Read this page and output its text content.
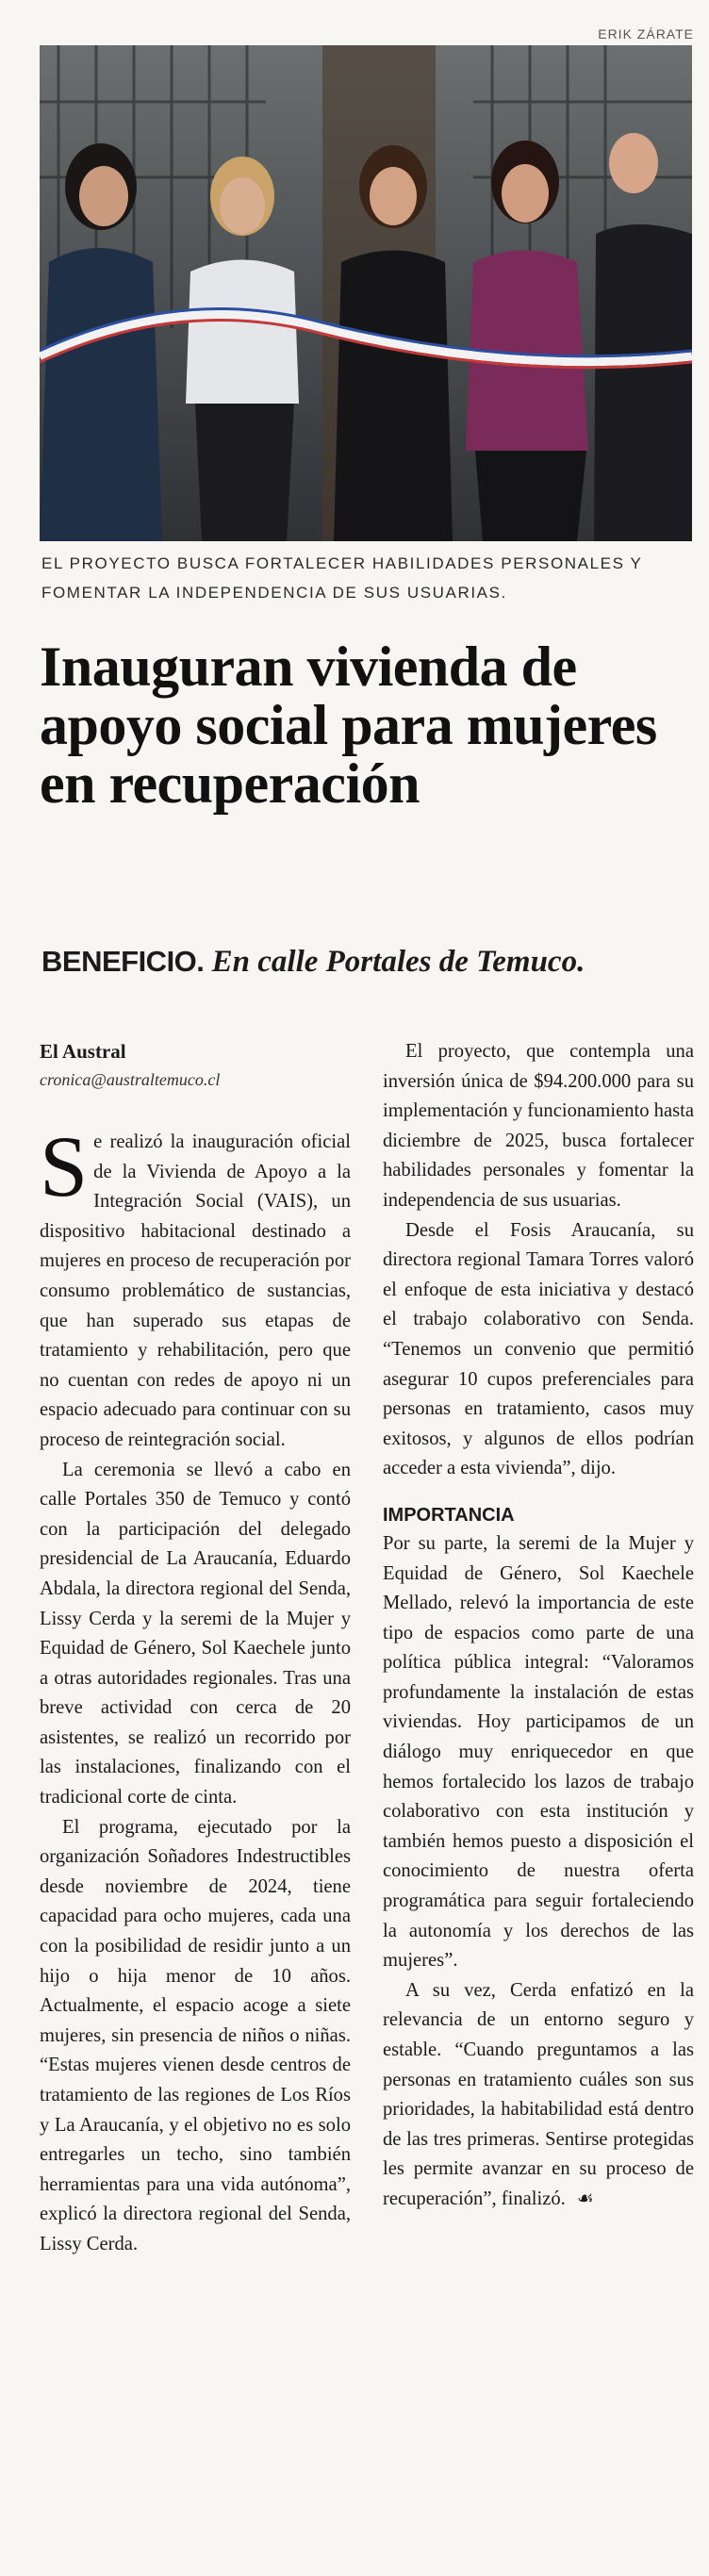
ERIK ZÁRATE
EL PROYECTO BUSCA FORTALECER HABILIDADES PERSONALES Y FOMENTAR LA INDEPENDENCIA DE SUS USUARIAS.
Inauguran vivienda de apoyo social para mujeres en recuperación
BENEFICIO. En calle Portales de Temuco.
El Austral
cronica@australtemuco.cl

Se realizó la inauguración oficial de la Vivienda de Apoyo a la Integración Social (VAIS), un dispositivo habitacional destinado a mujeres en proceso de recuperación por consumo problemático de sustancias, que han superado sus etapas de tratamiento y rehabilitación, pero que no cuentan con redes de apoyo ni un espacio adecuado para continuar con su proceso de reintegración social.

La ceremonia se llevó a cabo en calle Portales 350 de Temuco y contó con la participación del delegado presidencial de La Araucanía, Eduardo Abdala, la directora regional del Senda, Lissy Cerda y la seremi de la Mujer y Equidad de Género, Sol Kaechele junto a otras autoridades regionales. Tras una breve actividad con cerca de 20 asistentes, se realizó un recorrido por las instalaciones, finalizando con el tradicional corte de cinta.

El programa, ejecutado por la organización Soñadores Indestructibles desde noviembre de 2024, tiene capacidad para ocho mujeres, cada una con la posibilidad de residir junto a un hijo o hija menor de 10 años. Actualmente, el espacio acoge a siete mujeres, sin presencia de niños o niñas. “Estas mujeres vienen desde centros de tratamiento de las regiones de Los Ríos y La Araucanía, y el objetivo no es solo entregarles un techo, sino también herramientas para una vida autónoma”, explicó la directora regional del Senda, Lissy Cerda.

El proyecto, que contempla una inversión única de $94.200.000 para su implementación y funcionamiento hasta diciembre de 2025, busca fortalecer habilidades personales y fomentar la independencia de sus usuarias.

Desde el Fosis Araucanía, su directora regional Tamara Torres valoró el enfoque de esta iniciativa y destacó el trabajo colaborativo con Senda. “Tenemos un convenio que permitió asegurar 10 cupos preferenciales para personas en tratamiento, casos muy exitosos, y algunos de ellos podrían acceder a esta vivienda”, dijo.

IMPORTANCIA

Por su parte, la seremi de la Mujer y Equidad de Género, Sol Kaechele Mellado, relevó la importancia de este tipo de espacios como parte de una política pública integral: “Valoramos profundamente la instalación de estas viviendas. Hoy participamos de un diálogo muy enriquecedor en que hemos fortalecido los lazos de trabajo colaborativo con esta institución y también hemos puesto a disposición el conocimiento de nuestra oferta programática para seguir fortaleciendo la autonomía y los derechos de las mujeres”.

A su vez, Cerda enfatizó en la relevancia de un entorno seguro y estable. “Cuando preguntamos a las personas en tratamiento cuáles son sus prioridades, la habitabilidad está dentro de las tres primeras. Sentirse protegidas les permite avanzar en su proceso de recuperación”, finalizó. ☙
